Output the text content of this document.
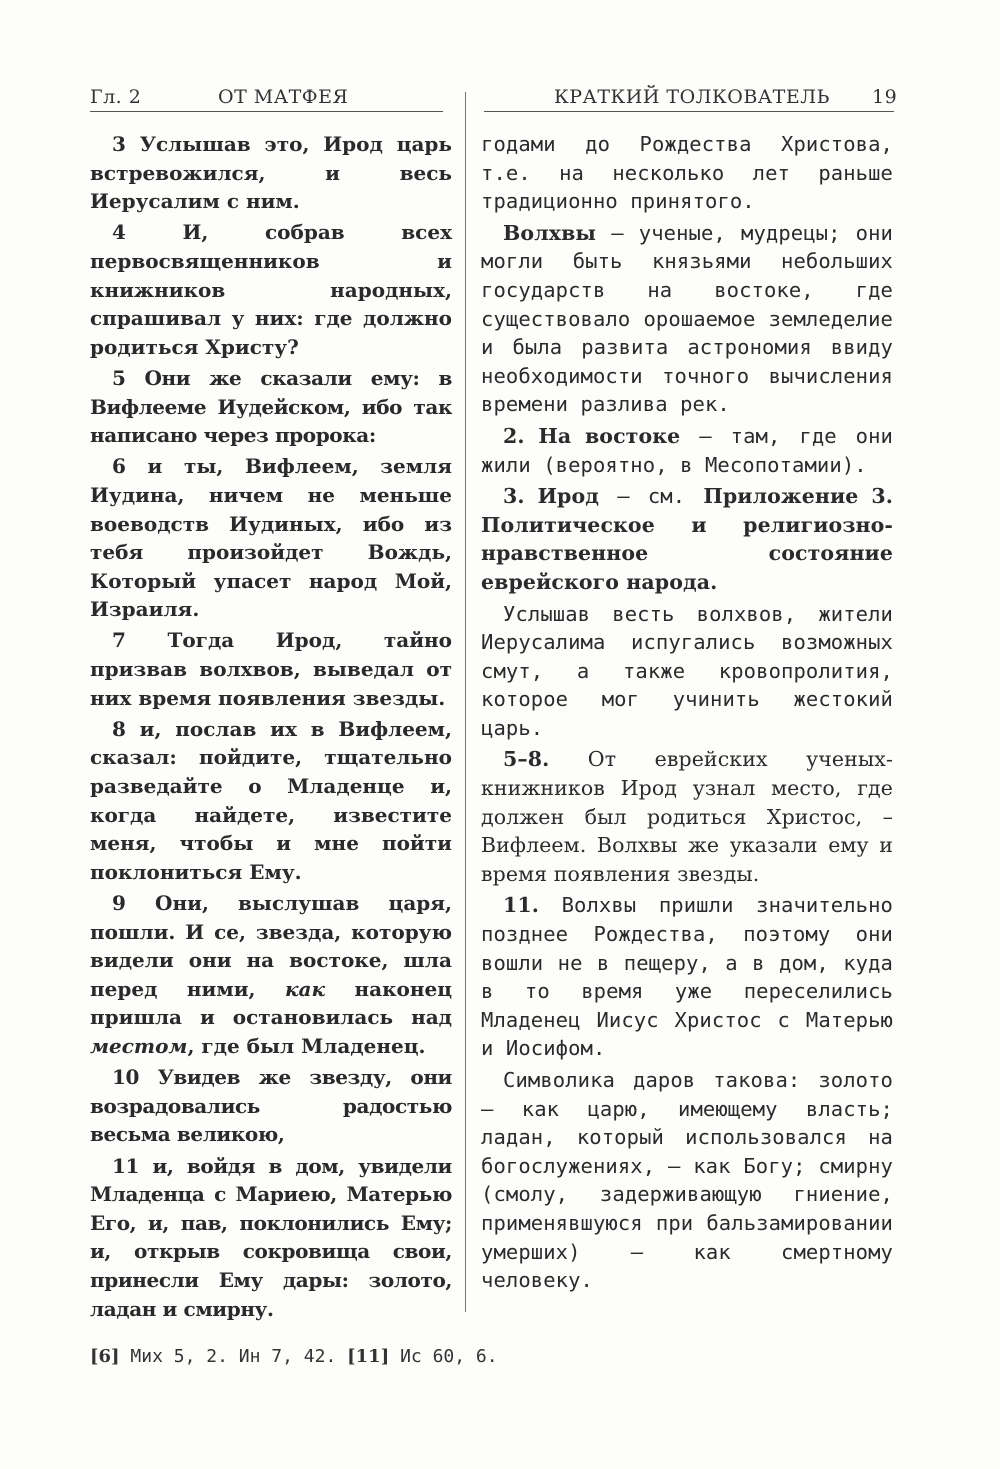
Гл. 2	ОТ МАТФЕЯ	КРАТКИЙ ТОЛКОВАТЕЛЬ 19

3 Услышав это, Ирод царь встревожился, и весь Иерусалим с ним.

4 И, собрав всех первосвященников и книжников народных, спрашивал у них: где должно родиться Христу?

5 Они же сказали ему: в Вифлееме Иудейском, ибо так написано через пророка:

6 и ты, Вифлеем, земля Иудина, ничем не меньше воеводств Иудиных, ибо из тебя произойдет Вождь, Который упасет народ Мой, Израиля.

7 Тогда Ирод, тайно призвав волхвов, выведал от них время появления звезды.

8 и, послав их в Вифлеем, сказал: пойдите, тщательно разведайте о Младенце и, когда найдете, известите меня, чтобы и мне пойти поклониться Ему.

9 Они, выслушав царя, пошли. И се, звезда, которую видели они на востоке, шла перед ними, как наконец пришла и остановилась над местом, где был Младенец.

10 Увидев же звезду, они возрадовались радостью весьма великою,

11 и, войдя в дом, увидели Младенца с Мариею, Матерью Его, и, пав, поклонились Ему; и, открыв сокровища свои, принесли Ему дары: золото, ладан и смирну.

годами до Рождества Христова, т.е. на несколько лет раньше традиционно принятого.

Волхвы – ученые, мудрецы; они могли быть князьями небольших государств на востоке, где существовало орошаемое земледелие и была развита астрономия ввиду необходимости точного вычисления времени разлива рек.

2. На востоке – там, где они жили (вероятно, в Месопотамии).

3. Ирод – см. Приложение 3. Политическое и религиозно-нравственное состояние еврейского народа.

Услышав весть волхвов, жители Иерусалима испугались возможных смут, а также кровопролития, которое мог учинить жестокий царь.

5–8. От еврейских ученых-книжников Ирод узнал место, где должен был родиться Христос, – Вифлеем. Волхвы же указали ему и время появления звезды.

11. Волхвы пришли значительно позднее Рождества, поэтому они вошли не в пещеру, а в дом, куда в то время уже переселились Младенец Иисус Христос с Матерью и Иосифом.

Символика даров такова: золото – как царю, имеющему власть; ладан, который использовался на богослужениях, – как Богу; смирну (смолу, задерживающую гниение, применявшуюся при бальзамировании умерших) – как смертному человеку.

[6] Мих 5, 2. Ин 7, 42. [11] Ис 60, 6.
